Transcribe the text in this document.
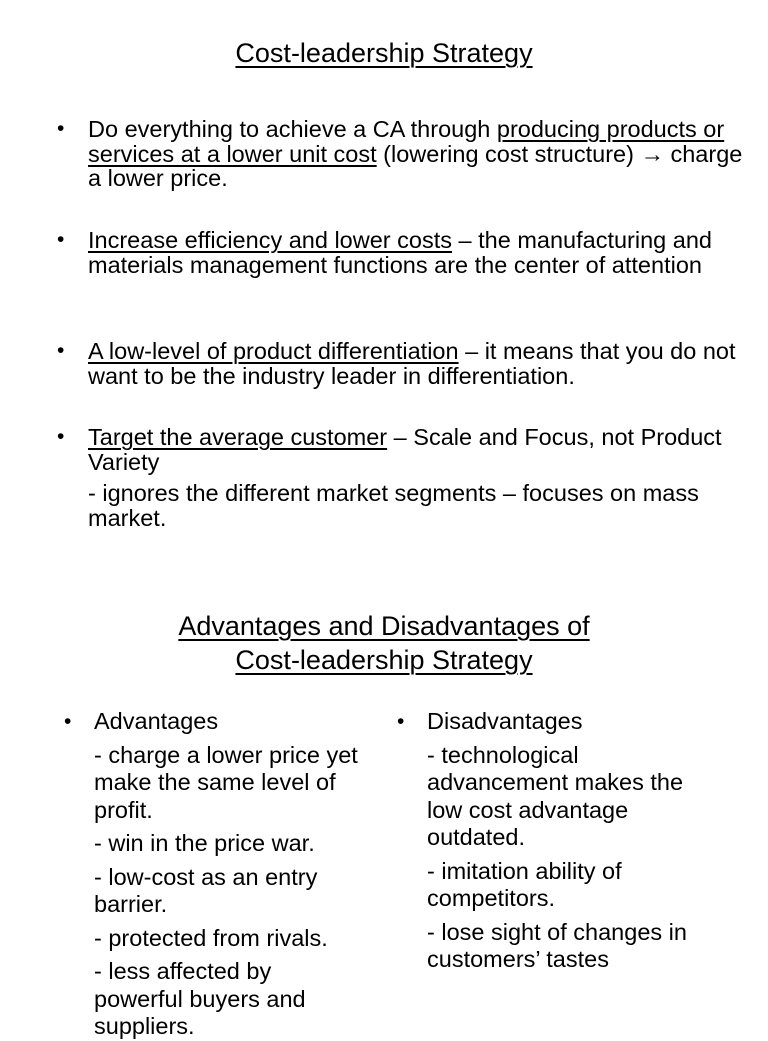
Cost-leadership Strategy
• Do everything to achieve a CA through producing products or services at a lower unit cost (lowering cost structure) → charge a lower price.
• Increase efficiency and lower costs – the manufacturing and materials management functions are the center of attention
• A low-level of product differentiation – it means that you do not want to be the industry leader in differentiation.
• Target the average customer – Scale and Focus, not Product Variety
- ignores the different market segments – focuses on mass market.
Advantages and Disadvantages of
Cost-leadership Strategy
• Advantages
- charge a lower price yet make the same level of profit.
- win in the price war.
- low-cost as an entry barrier.
- protected from rivals.
- less affected by powerful buyers and suppliers.
• Disadvantages
- technological advancement makes the low cost advantage outdated.
- imitation ability of competitors.
- lose sight of changes in customers’ tastes
